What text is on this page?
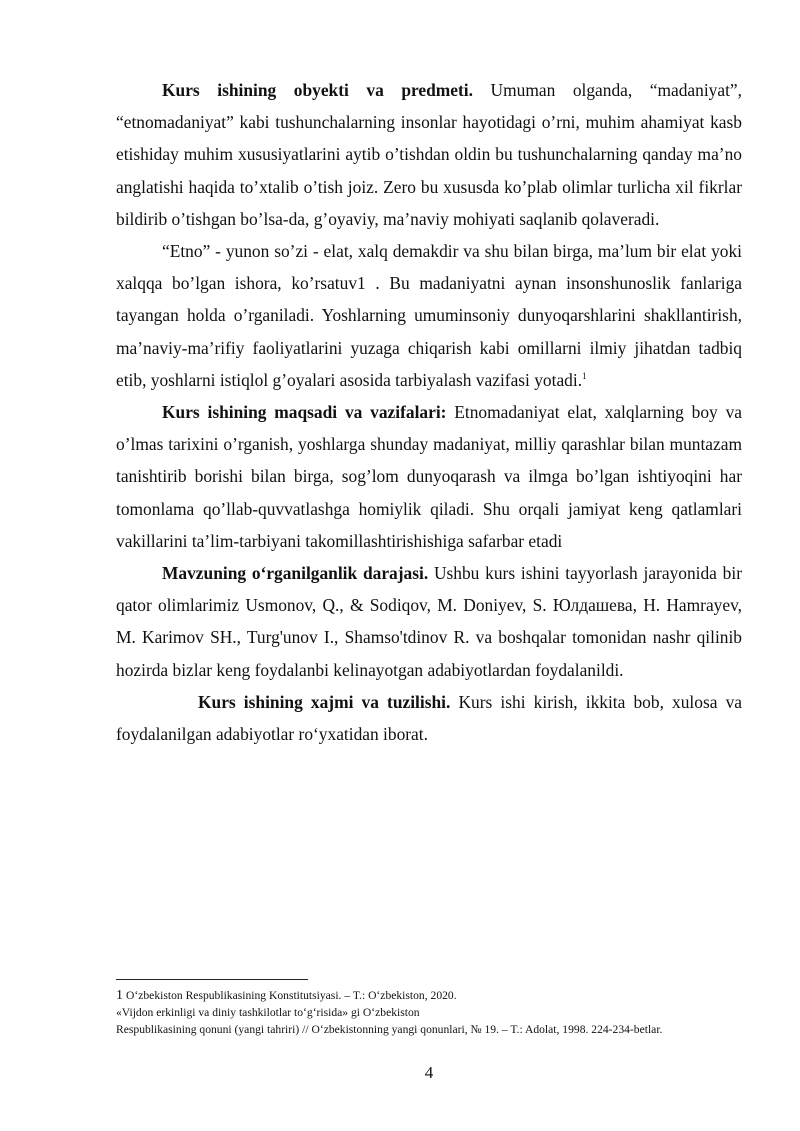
Kurs ishining obyekti va predmeti. Umuman olganda, “madaniyat”, “etnomadaniyat” kabi tushunchalarning insonlar hayotidagi o’rni, muhim ahamiyat kasb etishiday muhim xususiyatlarini aytib o’tishdan oldin bu tushunchalarning qanday ma’no anglatishi haqida to’xtalib o’tish joiz. Zero bu xususda ko’plab olimlar turlicha xil fikrlar bildirib o’tishgan bo’lsa-da, g’oyaviy, ma’naviy mohiyati saqlanib qolaveradi.

“Etno” - yunon so’zi - elat, xalq demakdir va shu bilan birga, ma’lum bir elat yoki xalqqa bo’lgan ishora, ko’rsatuv1 . Bu madaniyatni aynan insonshunoslik fanlariga tayangan holda o’rganiladi. Yoshlarning umuminsoniy dunyoqarshlarini shakllantirish, ma’naviy-ma’rifiy faoliyatlarini yuzaga chiqarish kabi omillarni ilmiy jihatdan tadbiq etib, yoshlarni istiqlol g’oyalari asosida tarbiyalash vazifasi yotadi.$^1$

Kurs ishining maqsadi va vazifalari: Etnomadaniyat elat, xalqlarning boy va o’lmas tarixini o’rganish, yoshlarga shunday madaniyat, milliy qarashlar bilan muntazam tanishtirib borishi bilan birga, sog’lom dunyoqarash va ilmga bo’lgan ishtiyoqini har tomonlama qo’llab-quvvatlashga homiylik qiladi. Shu orqali jamiyat keng qatlamlari vakillarini ta’lim-tarbiyani takomillashtirishishiga safarbar etadi

Mavzuning o‘rganilganlik darajasi. Ushbu kurs ishini tayyorlash jarayonida bir qator olimlarimiz Usmonov, Q., & Sodiqov, M. Doniyev, S. Юлдашева, H. Hamrayev, M. Karimov SH., Turg'unov I., Shamso'tdinov R. va boshqalar tomonidan nashr qilinib hozirda bizlar keng foydalanbi kelinayotgan adabiyotlardan foydalanildi.

Kurs ishining xajmi va tuzilishi. Kurs ishi kirish, ikkita bob, xulosa va foydalanilgan adabiyotlar ro‘yxatidan iborat.

1 O‘zbekiston Respublikasining Konstitutsiyasi. – T.: O‘zbekiston, 2020.

«Vijdon erkinligi va diniy tashkilotlar to‘g‘risida» gi O‘zbekiston

Respublikasining qonuni (yangi tahriri) // O‘zbekistonning yangi qonunlari, № 19. – T.: Adolat, 1998. 224-234-betlar.

4
